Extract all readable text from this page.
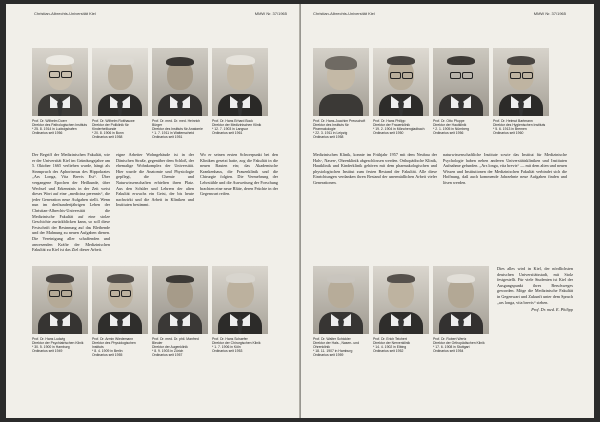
Christian-Albrechts-Universität Kiel	MMW Nr. 37/1965
Prof. Dr. Wilhelm Doerr
Direktor des Pathologischen Instituts
* 25. 8. 1914 in Ludwigshafen
Ordinarius seit 1956
Prof. Dr. Wilhelm Rotthauwe
Direktor der Poliklinik für Kinderheilkunde
* 20. 8. 1906 in Bonn
Ordinarius seit 1958
Prof. Dr. med. Dr. med. Heinrich Bürger
Direktor des Instituts für Anatomie
* 1. 7. 1911 in Wattenscheid
Ordinarius seit 1951
Prof. Dr. Hans Erhard Bock
Direktor der Medizinischen Klinik
* 12. 7. 1903 in Langsur
Ordinarius seit 1961
Der Begriff der Medizinischen Fakultät, wie er der Universität Kiel im Gründungsjahre am 5. Oktober 1665 verliehen wurde, hängt als Sinnspruch des Aphorismus des Hippokrates „Ars Longa, Vita Brevis Est“. Über vergangene Epochen der Heilkunde, über Wechsel und Erkenntnis in der Zeit weist dieses Wort auf eine „medicina perennis“, die jeder Generation neue Aufgaben stellt. Wenn nun im dreihundertjährigen Leben der Christian-Albrechts-Universität die Medizinische Fakultät auf eine stolze Geschichte zurückblicken kann, so soll diese Festschrift der Besinnung auf das Bleibende und der Mahnung zu neuen Aufgaben dienen. Die Vereinigung aller schaffenden und anwesenden Kräfte der Medizinischen Fakultät zu Kiel ist das Ziel dieser Arbeit.
eigne Arbeiter Wohngebäude ist in der Dänischen Straße, gegenüber dem Schloß, der ehemalige Wohnkomplex der Universität. Hier wurde die Anatomie und Physiologie gepflegt, die Chemie und Naturwissenschaften erhielten ihren Platz. Aus den Schüler und Lehrern der alten Fakultät erwuchs ein Geist, der bis heute nachwirkt und die Arbeit in Kliniken und Instituten bestimmt.
Wo er seinen ersten Schwerpunkt bei den Kliniken gesetzt hatte, zog die Fakultät in die neuen Bauten ein; das Akademische Krankenhaus, die Frauenklinik und die Chirurgie folgten. Die Vermehrung der Lehrstühle und die Ausweitung der Forschung brachten eine neue Blüte, deren Früchte in der Gegenwart reifen.
Prof. Dr. Hans Ludwig
Direktor der Psychiatrischen Klinik
* 30. 5. 1900 in Hamburg
Ordinarius seit 1949
Prof. Dr. Armin Wiedemann
Direktor des Physiologischen Instituts
* 8. 4. 1909 in Berlin
Ordinarius seit 1955
Prof. Dr. med. Dr. phil. Manfred Bleuler
Direktor der Augenklinik
* 8. 9. 1903 in Zürich
Ordinarius seit 1957
Prof. Dr. Hans Schaefer
Direktor der Chirurgischen Klinik
* 1. 7. 1906 in Köln
Ordinarius seit 1953
Christian-Albrechts-Universität Kiel	MMW Nr. 37/1965
Prof. Dr. Hans-Joachim Preuschoft
Direktor des Instituts für Pharmakologie
* 22. 3. 1911 in Leipzig
Ordinarius seit 1958
Prof. Dr. Hans Philipp
Direktor der Frauenklinik
* 19. 2. 1904 in Mönchengladbach
Ordinarius seit 1950
Prof. Dr. Otto Pfuppe
Direktor der Hautklinik
* 2. 1. 1905 in Nürnberg
Ordinarius seit 1956
Prof. Dr. Helmut Bartmann
Direktor des Hygienischen Instituts
* 5. 6. 1913 in Bremen
Ordinarius seit 1960
Medizinischen Klinik, konnte im Frühjahr 1957 mit dem Neubau der Hals-, Nasen-, Ohrenklinik abgeschlossen werden. Orthopädische Klinik, Hautklinik und Kinderklinik gehören mit dem pharmakologischen und physiologischen Institut zum festen Bestand der Fakultät. Alle diese Einrichtungen verdanken ihren Bestand der unermüdlichen Arbeit vieler Generationen.
naturwissenschaftliche Institute sowie das Institut für Medizinische Psychologie haben neben anderen Universitätskliniken und Instituten Aufnahme gefunden. „Ars longa, vita brevis“ — mit dem alten und neuen Wissen und Institutionen der Medizinischen Fakultät verbindet sich die Hoffnung, daß auch kommende Jahrzehnte neue Aufgaben finden und lösen werden.
Prof. Dr. Walter Schickler
Direktor der Hals-, Nasen- und Ohrenklinik
* 18. 11. 1907 in Hamburg
Ordinarius seit 1959
Prof. Dr. Erich Teichert
Direktor der Nervenklinik
* 14. 4. 1902 in Elbing
Ordinarius seit 1952
Prof. Dr. Robert Wertz
Direktor der Orthopädischen Klinik
* 17. 6. 1908 in Stuttgart
Ordinarius seit 1954
Dies alles wird in Kiel, der nördlichsten deutschen Universitätsstadt, mit Stolz festgestellt. Für viele Studenten ist Kiel der Ausgangspunkt ihres Berufsweges geworden. Möge die Medizinische Fakultät in Gegenwart und Zukunft unter dem Spruch „ars longa, vita brevis“ stehen.
Prof. Dr. med. E. Philipp
